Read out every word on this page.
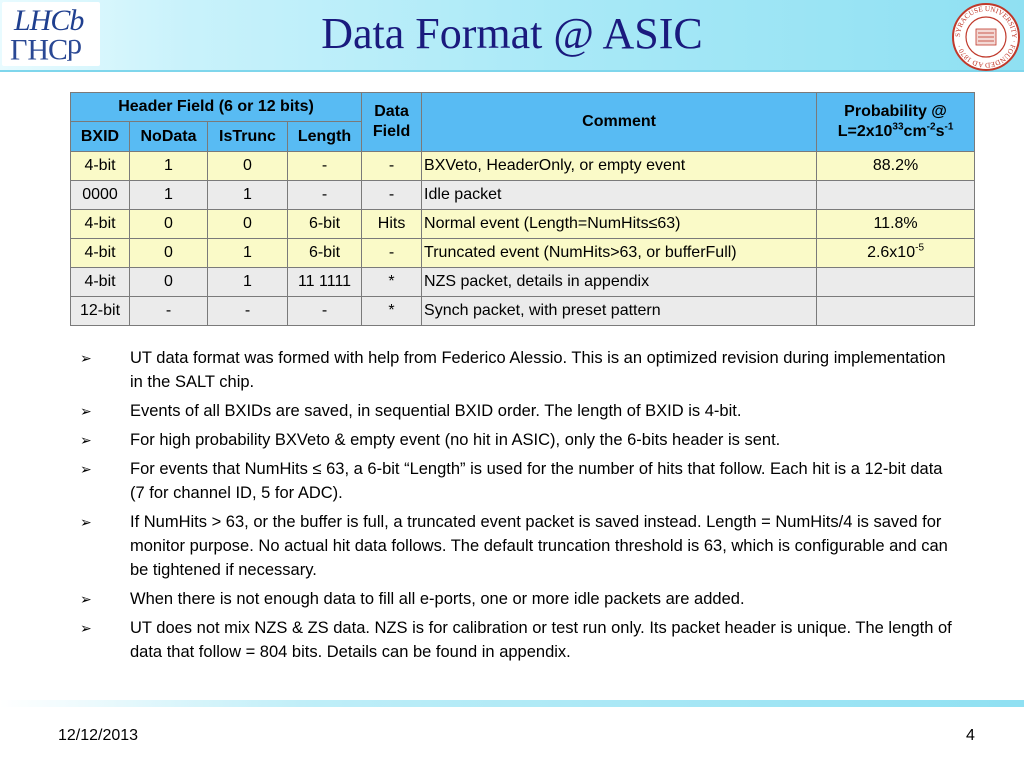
LHCb
LHCb	Data Format @ ASIC	SYRACUSE UNIVERSITY · FOUNDED AD 1870 ·
Header Field (6 or 12 bits)				Data Field	Comment	Probability @ $L=2x10^{33}cm^{-2}s^{-1}$
BXID	NoData	IsTrunc	Length			
4-bit	1	0	-	-	BXVeto, HeaderOnly, or empty event	88.2%
0000	1	1	-	-	Idle packet	
4-bit	0	0	6-bit	Hits	Normal event (Length=NumHits≤63)	11.8%
4-bit	0	1	6-bit	-	Truncated event (NumHits>63, or bufferFull)	$2.6x10^{-5}$
4-bit	0	1	11 1111	*	NZS packet, details in appendix	
12-bit	-	-	-	*	Synch packet, with preset pattern	
➢ UT data format was formed with help from Federico Alessio. This is an optimized revision during implementation in the SALT chip.
➢ Events of all BXIDs are saved, in sequential BXID order. The length of BXID is 4-bit.
➢ For high probability BXVeto & empty event (no hit in ASIC), only the 6-bits header is sent.
➢ For events that NumHits ≤ 63, a 6-bit “Length” is used for the number of hits that follow. Each hit is a 12-bit data (7 for channel ID, 5 for ADC).
➢ If NumHits > 63, or the buffer is full, a truncated event packet is saved instead. Length = NumHits/4 is saved for monitor purpose. No actual hit data follows. The default truncation threshold is 63, which is configurable and can be tightened if necessary.
➢ When there is not enough data to fill all e-ports, one or more idle packets are added.
➢ UT does not mix NZS & ZS data. NZS is for calibration or test run only. Its packet header is unique. The length of data that follow = 804 bits. Details can be found in appendix.
12/12/2013	4
